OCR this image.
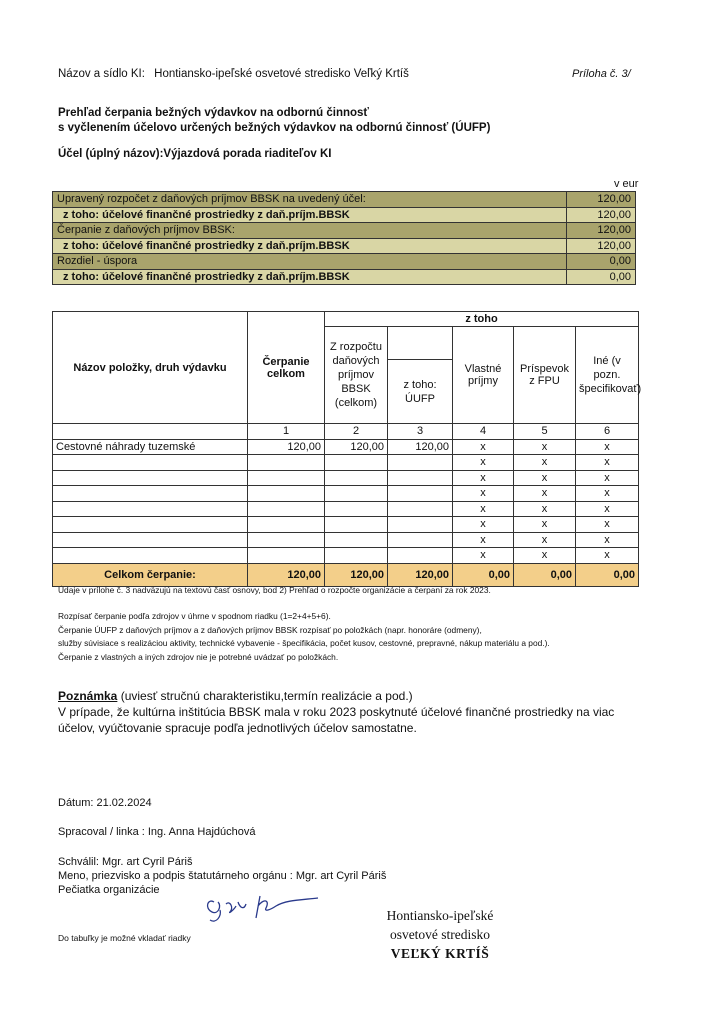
Názov a sídlo KI: Hontiansko-ipeľské osvetové stredisko Veľký Krtíš	Príloha č. 3/
Prehľad čerpania bežných výdavkov na odbornú činnosť
s vyčlenením účelovo určených bežných výdavkov na odbornú činnosť (ÚUFP)
Účel (úplný názov):Výjazdová porada riaditeľov KI
v eur
Upravený rozpočet z daňových príjmov BBSK na uvedený účel:	120,00
z toho: účelové finančné prostriedky z daň.príjm.BBSK	120,00
Čerpanie z daňových príjmov BBSK:	120,00
z toho: účelové finančné prostriedky z daň.príjm.BBSK	120,00
Rozdiel - úspora	0,00
z toho: účelové finančné prostriedky z daň.príjm.BBSK	0,00
Názov položky, druh výdavku	Čerpanie celkom	z toho				
		Z rozpočtu daňových príjmov BBSK (celkom)		Vlastné príjmy	Príspevok z FPU	Iné (v pozn. špecifikovať)
			z toho: ÚUFP			
	1	2	3	4	5	6
Cestovné náhrady tuzemské	120,00	120,00	120,00	x	x	x
				x	x	x
				x	x	x
				x	x	x
				x	x	x
				x	x	x
				x	x	x
				x	x	x
Celkom čerpanie:	120,00	120,00	120,00	0,00	0,00	0,00
Údaje v prílohe č. 3 nadväzujú na textovú časť osnovy, bod 2) Prehľad o rozpočte organizácie a čerpaní za rok 2023.
Rozpísať čerpanie podľa zdrojov v úhrne v spodnom riadku (1=2+4+5+6).
Čerpanie ÚUFP z daňových príjmov a z daňových príjmov BBSK rozpísať po položkách (napr. honoráre (odmeny),
služby súvisiace s realizáciou aktivity, technické vybavenie - špecifikácia, počet kusov, cestovné, prepravné, nákup materiálu a pod.).
Čerpanie z vlastných a iných zdrojov nie je potrebné uvádzať po položkách.
Poznámka (uviesť stručnú charakteristiku,termín realizácie a pod.)
V prípade, že kultúrna inštitúcia BBSK mala v roku 2023 poskytnuté účelové finančné prostriedky na viac
účelov, vyúčtovanie spracuje podľa jednotlivých účelov samostatne.
Dátum: 21.02.2024
Spracoval / linka : Ing. Anna Hajdúchová
Schválil: Mgr. art Cyril Páriš
Meno, priezvisko a podpis štatutárneho orgánu : Mgr. art Cyril Páriš
Pečiatka organizácie
Do tabuľky je možné vkladať riadky
Hontiansko-ipeľské
osvetové stredisko
VEĽKÝ KRTÍŠ
